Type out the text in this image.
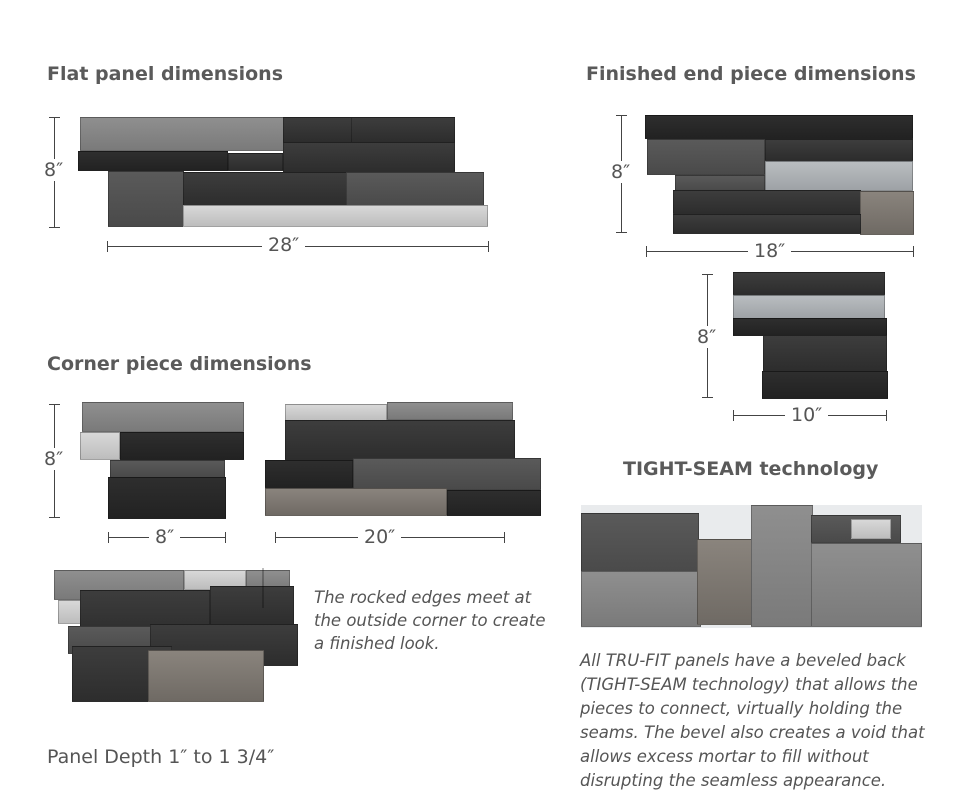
Flat panel dimensions
8″
28″
Finished end piece dimensions
8″
18″
8″
10″
Corner piece dimensions
8″
8″	20″
The rocked edges meet at the outside corner to create a finished look.
Panel Depth 1″ to 1 3/4″
TIGHT-SEAM technology
All TRU-FIT panels have a beveled back (TIGHT-SEAM technology) that allows the pieces to connect, virtually holding the seams. The bevel also creates a void that allows excess mortar to fill without disrupting the seamless appearance.
